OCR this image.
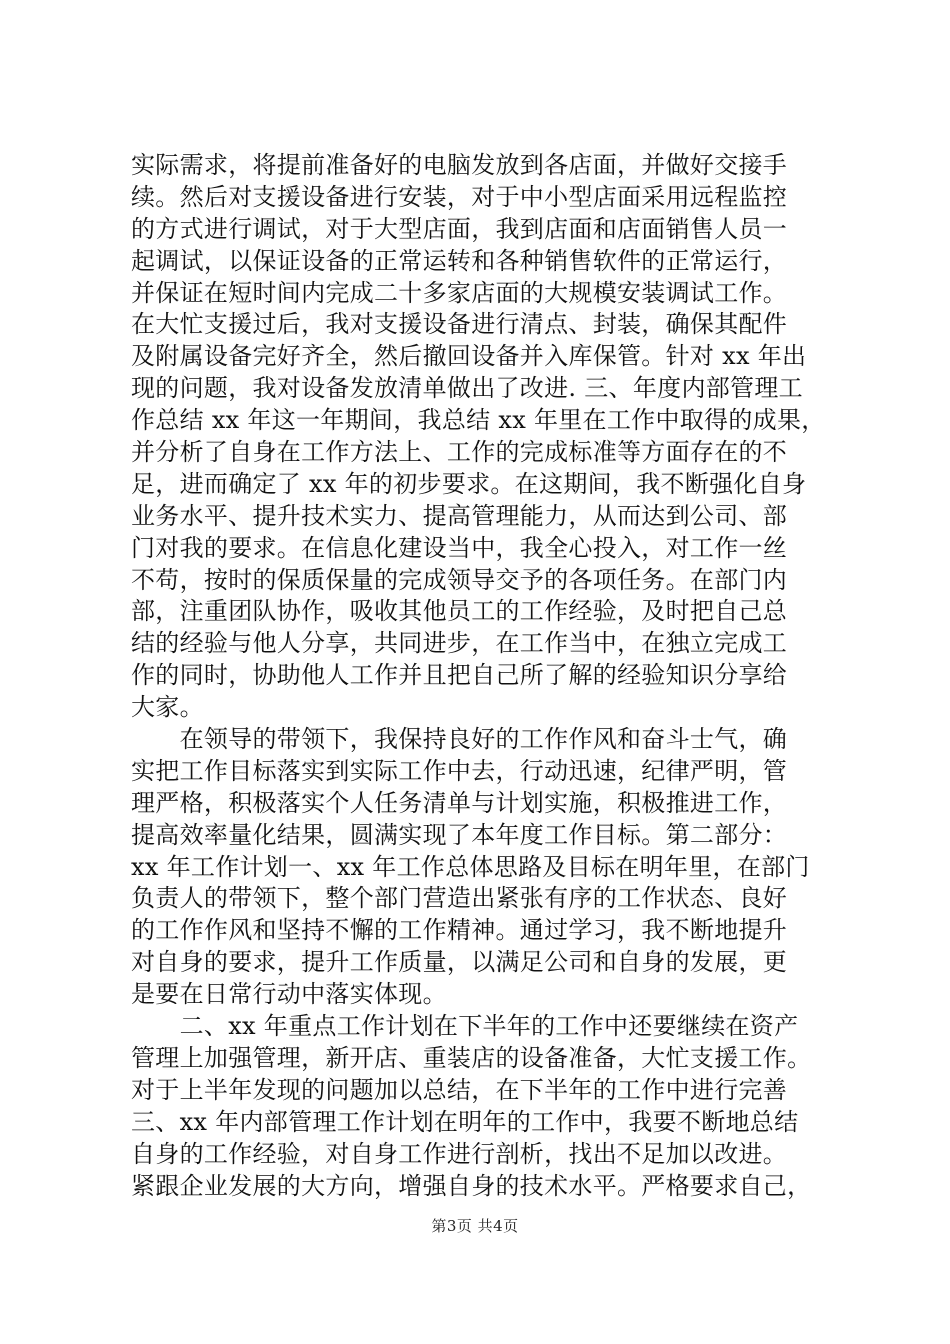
实际需求，将提前准备好的电脑发放到各店面，并做好交接手
续。然后对支援设备进行安装，对于中小型店面采用远程监控
的方式进行调试，对于大型店面，我到店面和店面销售人员一
起调试，以保证设备的正常运转和各种销售软件的正常运行，
并保证在短时间内完成二十多家店面的大规模安装调试工作。
在大忙支援过后，我对支援设备进行清点、封装，确保其配件
及附属设备完好齐全，然后撤回设备并入库保管。针对 xx 年出
现的问题，我对设备发放清单做出了改进. 三、年度内部管理工
作总结 xx 年这一年期间，我总结 xx 年里在工作中取得的成果，
并分析了自身在工作方法上、工作的完成标准等方面存在的不
足，进而确定了 xx 年的初步要求。在这期间，我不断强化自身
业务水平、提升技术实力、提高管理能力，从而达到公司、部
门对我的要求。在信息化建设当中，我全心投入，对工作一丝
不苟，按时的保质保量的完成领导交予的各项任务。在部门内
部，注重团队协作，吸收其他员工的工作经验，及时把自己总
结的经验与他人分享，共同进步，在工作当中，在独立完成工
作的同时，协助他人工作并且把自己所了解的经验知识分享给
大家。
　　在领导的带领下，我保持良好的工作作风和奋斗士气，确
实把工作目标落实到实际工作中去，行动迅速，纪律严明，管
理严格，积极落实个人任务清单与计划实施，积极推进工作，
提高效率量化结果，圆满实现了本年度工作目标。第二部分：
xx 年工作计划一、xx 年工作总体思路及目标在明年里，在部门
负责人的带领下，整个部门营造出紧张有序的工作状态、良好
的工作作风和坚持不懈的工作精神。通过学习，我不断地提升
对自身的要求，提升工作质量，以满足公司和自身的发展，更
是要在日常行动中落实体现。
　　二、xx 年重点工作计划在下半年的工作中还要继续在资产
管理上加强管理，新开店、重装店的设备准备，大忙支援工作。
对于上半年发现的问题加以总结，在下半年的工作中进行完善
三、xx 年内部管理工作计划在明年的工作中，我要不断地总结
自身的工作经验，对自身工作进行剖析，找出不足加以改进。
紧跟企业发展的大方向，增强自身的技术水平。严格要求自己，
第3页 共4页
